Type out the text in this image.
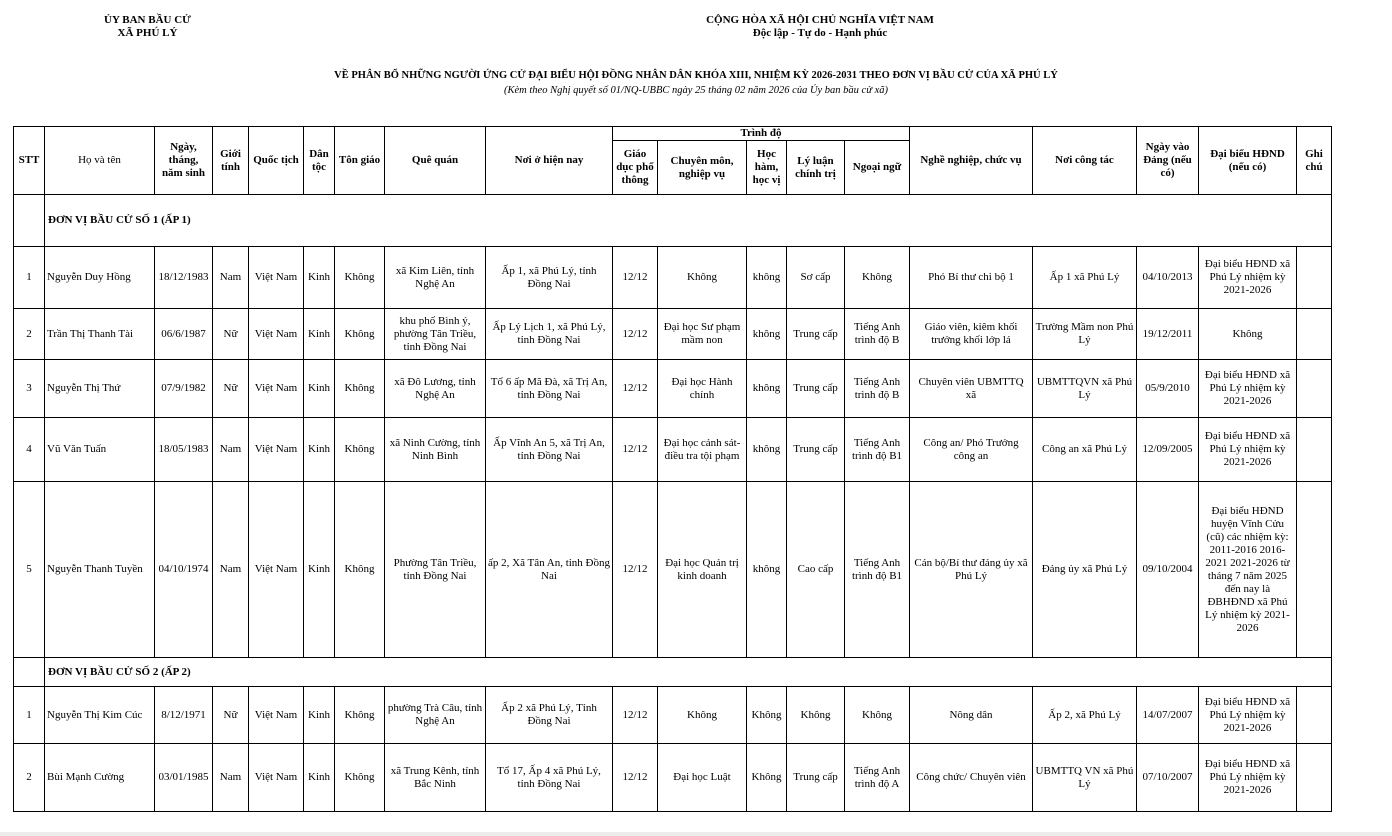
ỦY BAN BẦU CỬ
XÃ PHÚ LÝ
CỘNG HÒA XÃ HỘI CHỦ NGHĨA VIỆT NAM
Độc lập - Tự do - Hạnh phúc
VỀ PHÂN BỔ NHỮNG NGƯỜI ỨNG CỬ ĐẠI BIỂU HỘI ĐỒNG NHÂN DÂN KHÓA XIII, NHIỆM KỲ 2026-2031 THEO ĐƠN VỊ BẦU CỬ CỦA XÃ PHÚ LÝ
(Kèm theo Nghị quyết số 01/NQ-UBBC ngày 25 tháng 02 năm 2026 của Ủy ban bầu cử xã)
STT	Họ và tên	Ngày, tháng, năm sinh	Giới tính	Quốc tịch	Dân tộc	Tôn giáo	Quê quán	Nơi ở hiện nay	Trình độ					Nghề nghiệp, chức vụ	Nơi công tác	Ngày vào Đảng (nếu có)	Đại biểu HĐND (nếu có)	Ghi chú
									Giáo dục phổ thông	Chuyên môn, nghiệp vụ	Học hàm, học vị	Lý luận chính trị	Ngoại ngữ					
	ĐƠN VỊ BẦU CỬ SỐ 1 (ẤP 1)																	
1	Nguyễn Duy Hồng	18/12/1983	Nam	Việt Nam	Kinh	Không	xã Kim Liên, tỉnh Nghệ An	Ấp 1, xã Phú Lý, tỉnh Đồng Nai	12/12	Không	không	Sơ cấp	Không	Phó Bí thư chi bộ 1	Ấp 1 xã Phú Lý	04/10/2013	Đại biểu HĐND xã Phú Lý nhiệm kỳ 2021-2026	
2	Trần Thị Thanh Tài	06/6/1987	Nữ	Việt Nam	Kinh	Không	khu phố Bình ý, phường Tân Triều, tỉnh Đồng Nai	Ấp Lý Lịch 1, xã Phú Lý, tỉnh Đồng Nai	12/12	Đại học Sư phạm mầm non	không	Trung cấp	Tiếng Anh trình độ B	Giáo viên, kiêm khối trưởng khối lớp lá	Trường Mầm non Phú Lý	19/12/2011	Không	
3	Nguyễn Thị Thứ	07/9/1982	Nữ	Việt Nam	Kinh	Không	xã Đô Lương, tỉnh Nghệ An	Tổ 6 ấp Mã Đà, xã Trị An, tỉnh Đồng Nai	12/12	Đại học Hành chính	không	Trung cấp	Tiếng Anh trình độ B	Chuyên viên UBMTTQ xã	UBMTTQVN xã Phú Lý	05/9/2010	Đại biểu HĐND xã Phú Lý nhiệm kỳ 2021-2026	
4	Vũ Văn Tuấn	18/05/1983	Nam	Việt Nam	Kinh	Không	xã Ninh Cường, tỉnh Ninh Bình	Ấp Vĩnh An 5, xã Trị An, tỉnh Đồng Nai	12/12	Đại học cảnh sát- điều tra tội phạm	không	Trung cấp	Tiếng Anh trình độ B1	Công an/ Phó Trưởng công an	Công an xã Phú Lý	12/09/2005	Đại biểu HĐND xã Phú Lý nhiệm kỳ 2021-2026	
5	Nguyễn Thanh Tuyền	04/10/1974	Nam	Việt Nam	Kinh	Không	Phường Tân Triều, tỉnh Đồng Nai	ấp 2, Xã Tân An, tỉnh Đồng Nai	12/12	Đại học Quản trị kinh doanh	không	Cao cấp	Tiếng Anh trình độ B1	Cán bộ/Bí thư đảng ủy xã Phú Lý	Đảng ủy xã Phú Lý	09/10/2004	Đại biểu HĐND huyện Vĩnh Cửu (cũ) các nhiệm kỳ: 2011-2016 2016-2021 2021-2026 từ tháng 7 năm 2025 đến nay là ĐBHĐND xã Phú Lý nhiệm kỳ 2021-2026	
	ĐƠN VỊ BẦU CỬ SỐ 2 (ẤP 2)																	
1	Nguyễn Thị Kim Cúc	8/12/1971	Nữ	Việt Nam	Kinh	Không	phường Trà Câu, tỉnh Nghệ An	Ấp 2 xã Phú Lý, Tỉnh Đồng Nai	12/12	Không	Không	Không	Không	Nông dân	Ấp 2, xã Phú Lý	14/07/2007	Đại biểu HĐND xã Phú Lý nhiệm kỳ 2021-2026	
2	Bùi Mạnh Cường	03/01/1985	Nam	Việt Nam	Kinh	Không	xã Trung Kênh, tỉnh Bắc Ninh	Tổ 17, Ấp 4 xã Phú Lý, tỉnh Đồng Nai	12/12	Đại học Luật	Không	Trung cấp	Tiếng Anh trình độ A	Công chức/ Chuyên viên	UBMTTQ VN xã Phú Lý	07/10/2007	Đại biểu HĐND xã Phú Lý nhiệm kỳ 2021-2026	
